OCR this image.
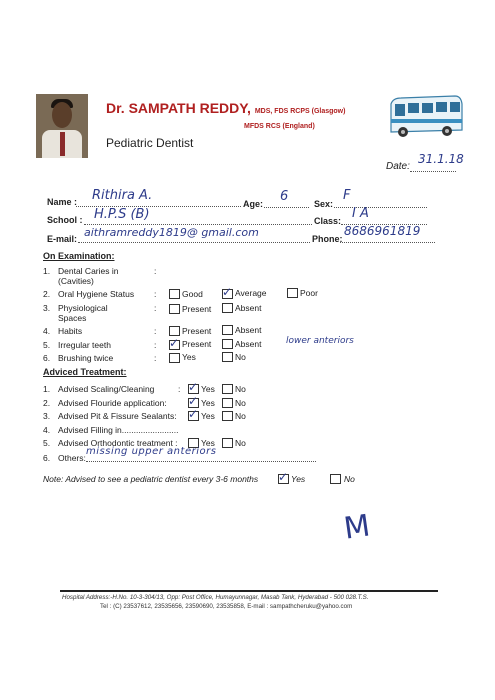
Dr. SAMPATH REDDY, MDS, FDS RCPS (Glasgow)
MFDS RCS (England)
Pediatric Dentist
Date:
31.1.18
Name : Rithira A.
Age: 6	Sex:
F
School : H.P.S (B)	Class: I A
E-mail: aithramreddy1819@ gmail.com	Phone:
8686961819
On Examination:
1. Dental Caries in
(Cavities)
:
2. Oral Hygiene Status :	Good ✓ Average	Poor
3. Physiological
Spaces
:	Present	Absent
4. Habits	:	Present	Absent
5. Irregular teeth	: ✓ Present	Absent	lower anteriors
6. Brushing twice	:	Yes	No
Adviced Treatment:
1. Advised Scaling/Cleaning	: ✓ Yes No
2. Advised Flouride application: ✓ Yes No
3. Advised Pit & Fissure Sealants: ✓ Yes No
4. Advised Filling in........................
5. Advised Orthodontic treatment :	Yes No
6. Others:
missing upper anteriors
Note: Advised to see a pediatric dentist every 3-6 months ✓ Yes	No
M
Hospital Address:-H.No. 10-3-304/13, Opp: Post Office, Humayunnagar, Masab Tank, Hyderabad - 500 028.T.S.
Tel : (C) 23537612, 23535656, 23590690, 23535858, E-mail : sampathcheruku@yahoo.com
